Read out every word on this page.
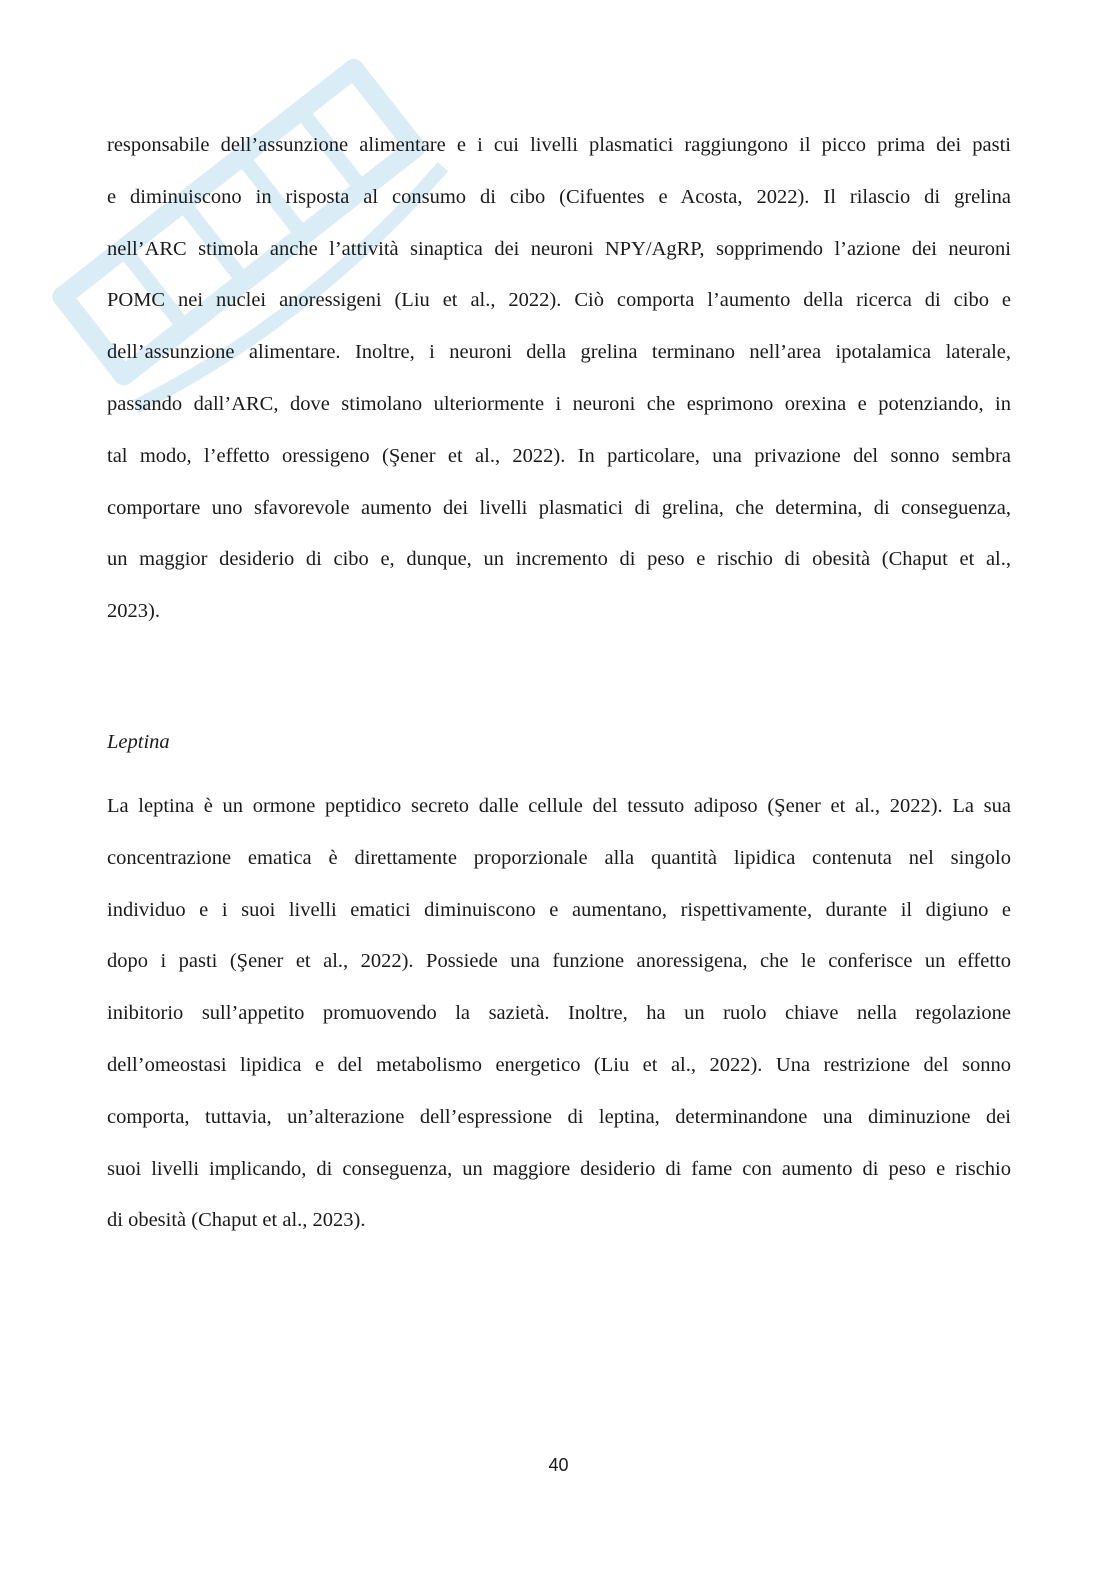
responsabile dell’assunzione alimentare e i cui livelli plasmatici raggiungono il picco prima dei pasti
e diminuiscono in risposta al consumo di cibo (Cifuentes e Acosta, 2022). Il rilascio di grelina
nell’ARC stimola anche l’attività sinaptica dei neuroni NPY/AgRP, sopprimendo l’azione dei neuroni
POMC nei nuclei anoressigeni (Liu et al., 2022). Ciò comporta l’aumento della ricerca di cibo e
dell’assunzione alimentare. Inoltre, i neuroni della grelina terminano nell’area ipotalamica laterale,
passando dall’ARC, dove stimolano ulteriormente i neuroni che esprimono orexina e potenziando, in
tal modo, l’effetto oressigeno (Şener et al., 2022). In particolare, una privazione del sonno sembra
comportare uno sfavorevole aumento dei livelli plasmatici di grelina, che determina, di conseguenza,
un maggior desiderio di cibo e, dunque, un incremento di peso e rischio di obesità (Chaput et al.,
2023).
Leptina
La leptina è un ormone peptidico secreto dalle cellule del tessuto adiposo (Şener et al., 2022). La sua
concentrazione ematica è direttamente proporzionale alla quantità lipidica contenuta nel singolo
individuo e i suoi livelli ematici diminuiscono e aumentano, rispettivamente, durante il digiuno e
dopo i pasti (Şener et al., 2022). Possiede una funzione anoressigena, che le conferisce un effetto
inibitorio sull’appetito promuovendo la sazietà. Inoltre, ha un ruolo chiave nella regolazione
dell’omeostasi lipidica e del metabolismo energetico (Liu et al., 2022). Una restrizione del sonno
comporta, tuttavia, un’alterazione dell’espressione di leptina, determinandone una diminuzione dei
suoi livelli implicando, di conseguenza, un maggiore desiderio di fame con aumento di peso e rischio
di obesità (Chaput et al., 2023).
40
